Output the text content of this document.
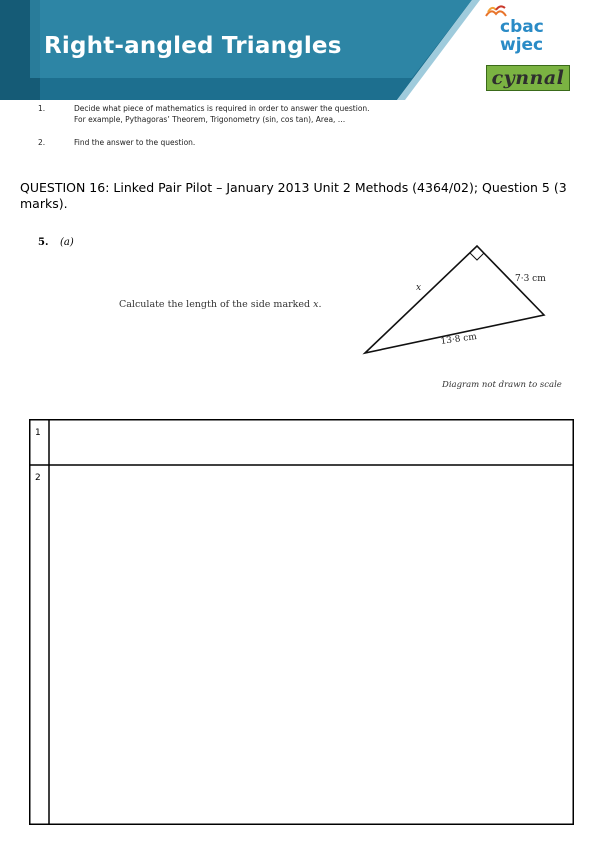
Right-angled Triangles
cbac
wjec
cynnal
1.	Decide what piece of mathematics is required in order to answer the question.
For example, Pythagoras’ Theorem, Trigonometry (sin, cos tan), Area, …
2.	Find the answer to the question.
QUESTION 16: Linked Pair Pilot – January 2013 Unit 2 Methods (4364/02); Question 5 (3 marks).
5. (a)
Calculate the length of the side marked x.
x
7·3 cm
13·8 cm
Diagram not drawn to scale
1
2
